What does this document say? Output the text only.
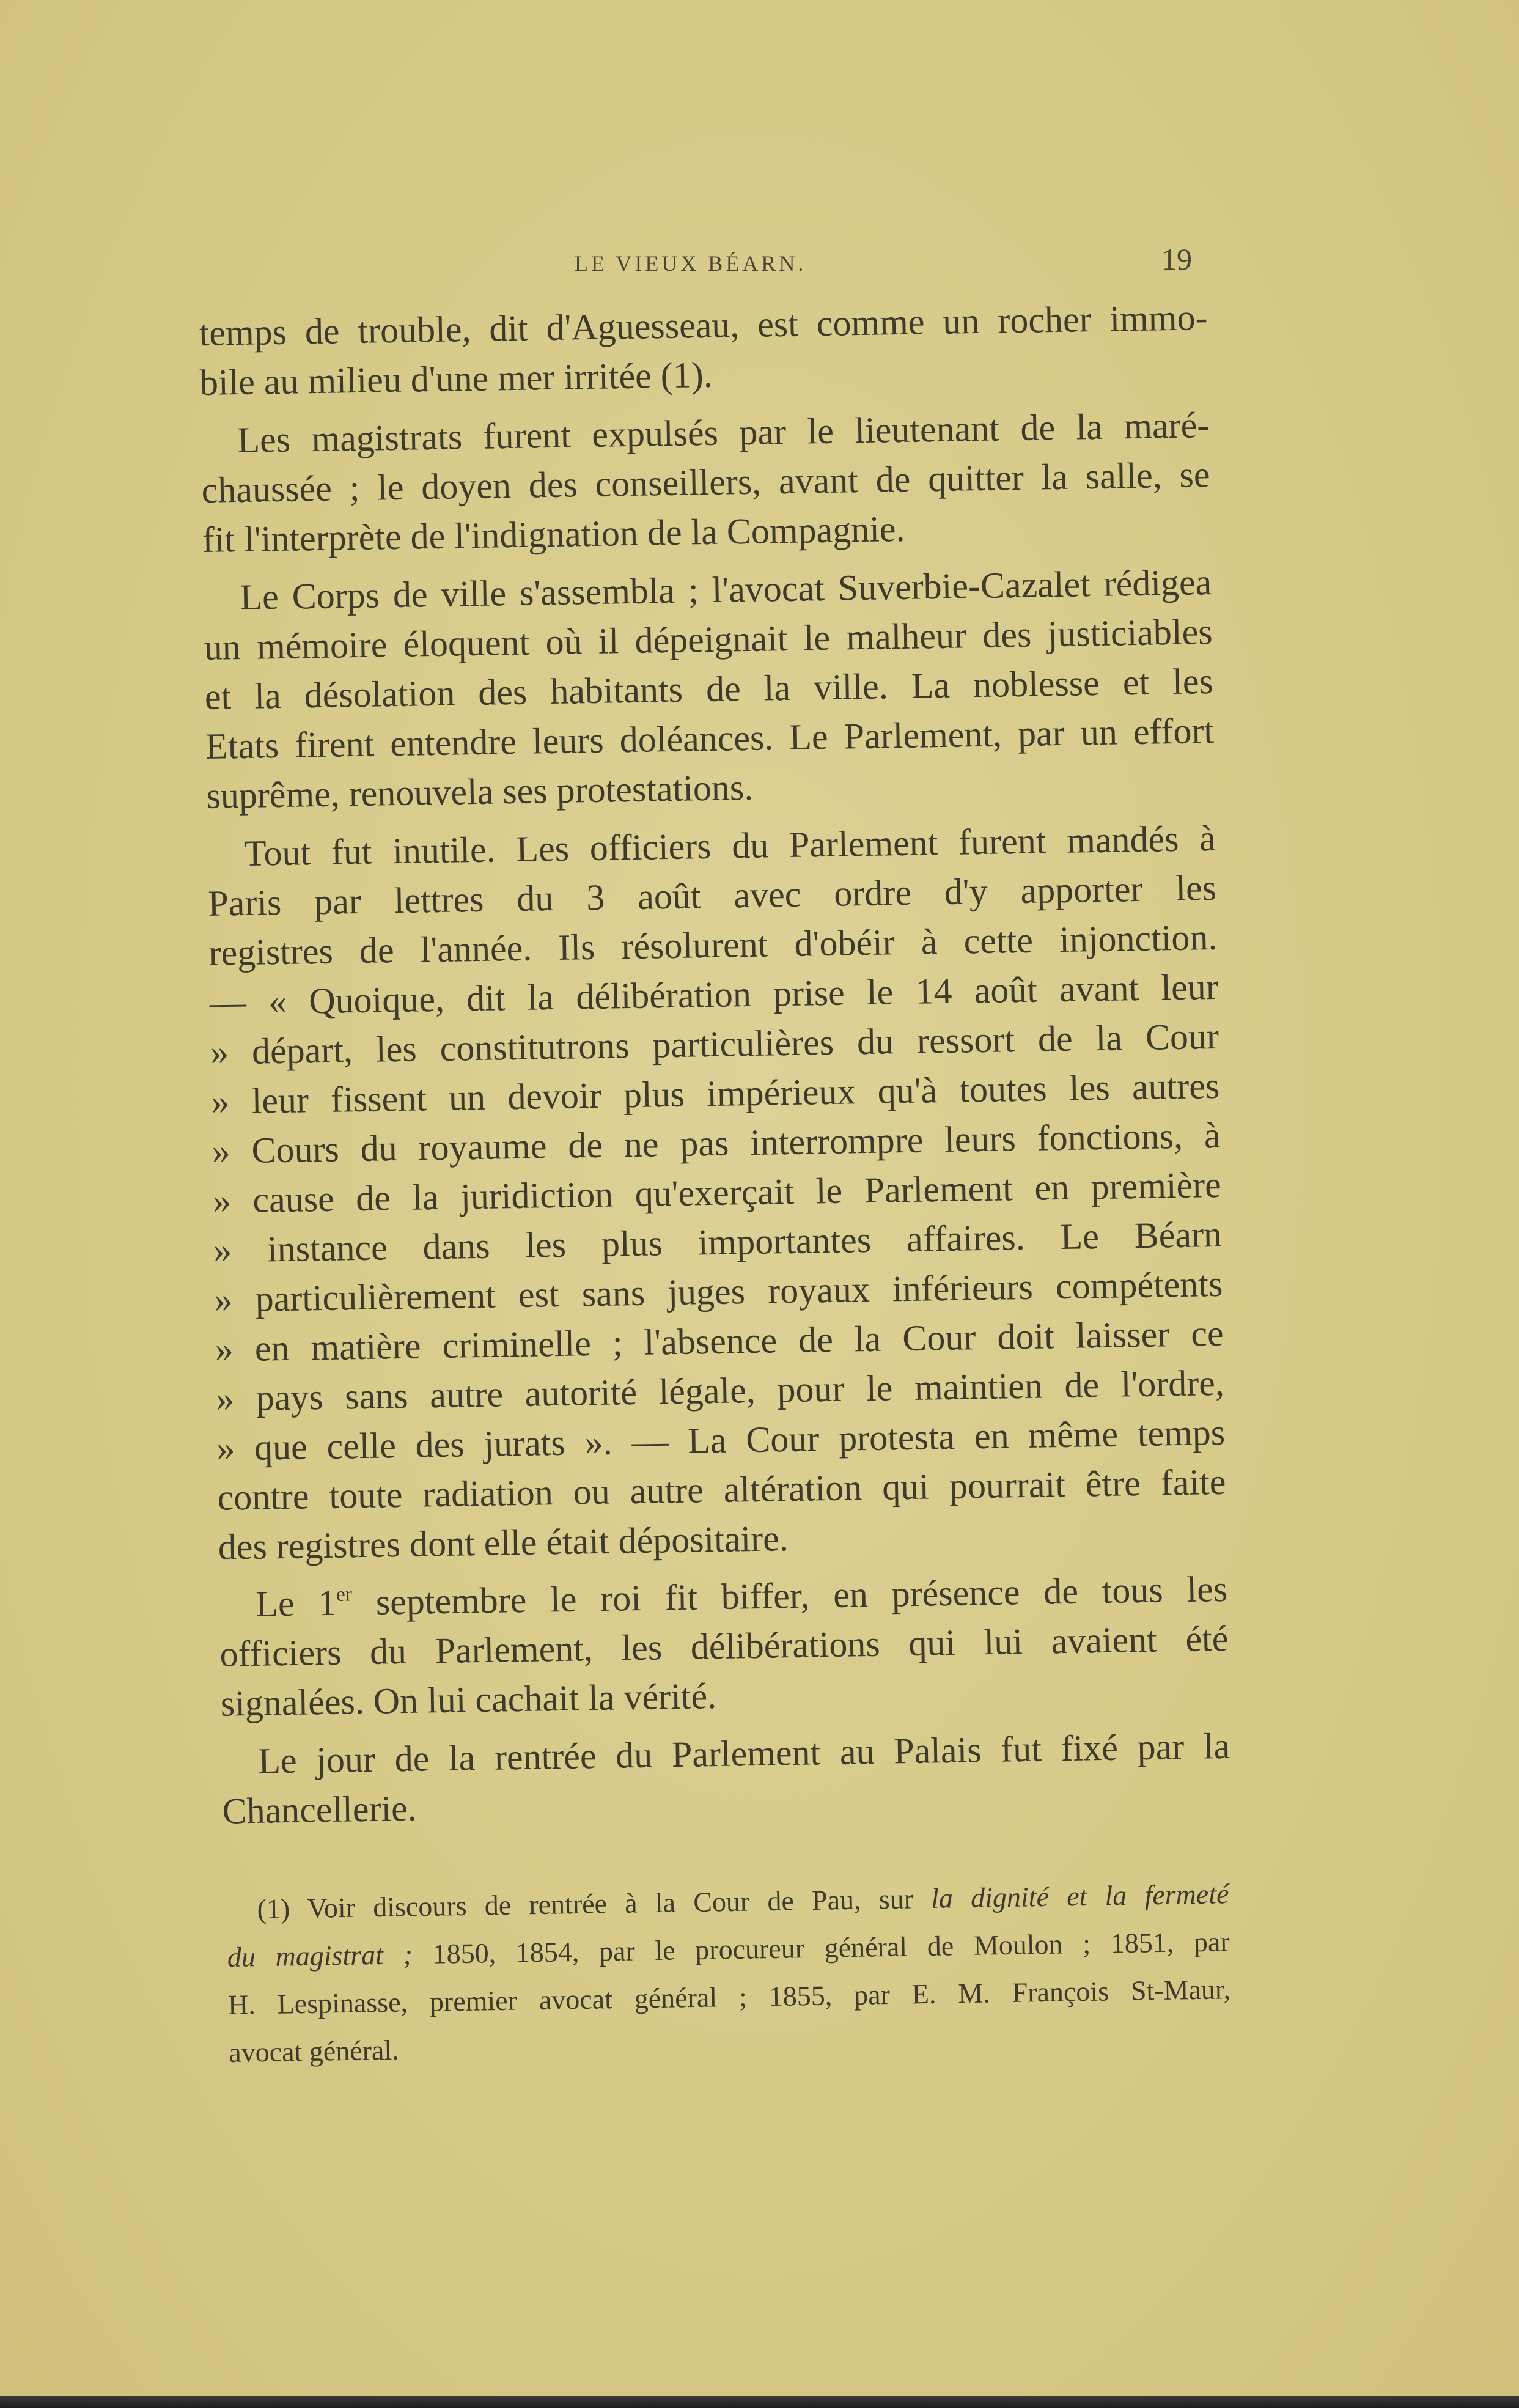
LE VIEUX BÉARN.	19
temps de trouble, dit d'Aguesseau, est comme un rocher immo-
bile au milieu d'une mer irritée (1).
Les magistrats furent expulsés par le lieutenant de la maré-
chaussée ; le doyen des conseillers, avant de quitter la salle, se
fit l'interprète de l'indignation de la Compagnie.
Le Corps de ville s'assembla ; l'avocat Suverbie-Cazalet rédigea
un mémoire éloquent où il dépeignait le malheur des justiciables
et la désolation des habitants de la ville. La noblesse et les
Etats firent entendre leurs doléances. Le Parlement, par un effort
suprême, renouvela ses protestations.
Tout fut inutile. Les officiers du Parlement furent mandés à
Paris par lettres du 3 août avec ordre d'y apporter les
registres de l'année. Ils résolurent d'obéir à cette injonction.
— « Quoique, dit la délibération prise le 14 août avant leur
» départ, les constitutrons particulières du ressort de la Cour
» leur fissent un devoir plus impérieux qu'à toutes les autres
» Cours du royaume de ne pas interrompre leurs fonctions, à
» cause de la juridiction qu'exerçait le Parlement en première
» instance dans les plus importantes affaires. Le Béarn
» particulièrement est sans juges royaux inférieurs compétents
» en matière criminelle ; l'absence de la Cour doit laisser ce
» pays sans autre autorité légale, pour le maintien de l'ordre,
» que celle des jurats ». — La Cour protesta en même temps
contre toute radiation ou autre altération qui pourrait être faite
des registres dont elle était dépositaire.
Le 1er septembre le roi fit biffer, en présence de tous les
officiers du Parlement, les délibérations qui lui avaient été
signalées. On lui cachait la vérité.
Le jour de la rentrée du Parlement au Palais fut fixé par la
Chancellerie.
(1) Voir discours de rentrée à la Cour de Pau, sur la dignité et la fermeté
du magistrat ; 1850, 1854, par le procureur général de Moulon ; 1851, par
H. Lespinasse, premier avocat général ; 1855, par E. M. François St-Maur,
avocat général.
